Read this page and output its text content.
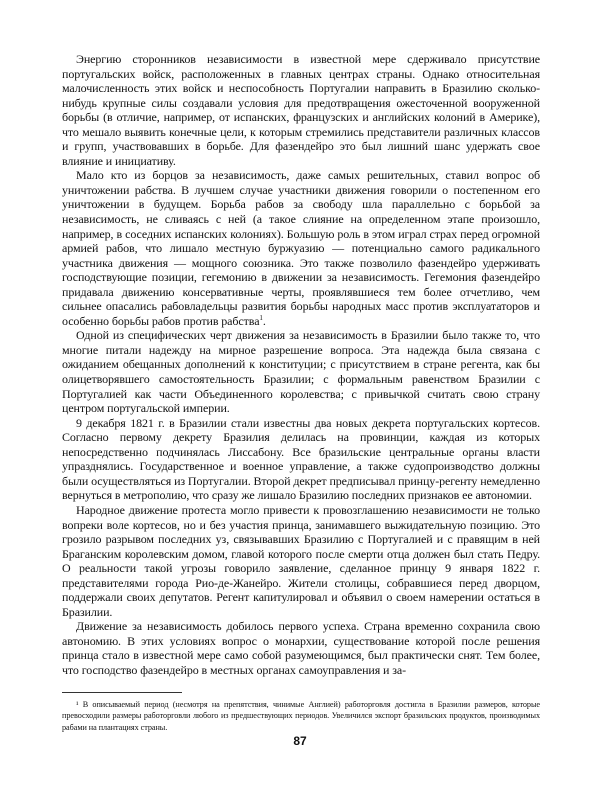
Энергию сторонников независимости в известной мере сдерживало присутствие португальских войск, расположенных в главных центрах страны. Однако относительная малочисленность этих войск и неспособность Португалии направить в Бразилию сколько-нибудь крупные силы создавали условия для предотвращения ожесточенной вооруженной борьбы (в отличие, например, от испанских, французских и английских колоний в Америке), что мешало выявить конечные цели, к которым стремились представители различных классов и групп, участвовавших в борьбе. Для фазендейро это был лишний шанс удержать свое влияние и инициативу.

Мало кто из борцов за независимость, даже самых решительных, ставил вопрос об уничтожении рабства. В лучшем случае участники движения говорили о постепенном его уничтожении в будущем. Борьба рабов за свободу шла параллельно с борьбой за независимость, не сливаясь с ней (а такое слияние на определенном этапе произошло, например, в соседних испанских колониях). Большую роль в этом играл страх перед огромной армией рабов, что лишало местную буржуазию — потенциально самого радикального участника движения — мощного союзника. Это также позволило фазендейро удерживать господствующие позиции, гегемонию в движении за независимость. Гегемония фазендейро придавала движению консервативные черты, проявлявшиеся тем более отчетливо, чем сильнее опасались рабовладельцы развития борьбы народных масс против эксплуататоров и особенно борьбы рабов против рабства$^1$.

Одной из специфических черт движения за независимость в Бразилии было также то, что многие питали надежду на мирное разрешение вопроса. Эта надежда была связана с ожиданием обещанных дополнений к конституции; с присутствием в стране регента, как бы олицетворявшего самостоятельность Бразилии; с формальным равенством Бразилии с Португалией как части Объединенного королевства; с привычкой считать свою страну центром португальской империи.

9 декабря 1821 г. в Бразилии стали известны два новых декрета португальских кортесов. Согласно первому декрету Бразилия делилась на провинции, каждая из которых непосредственно подчинялась Лиссабону. Все бразильские центральные органы власти упразднялись. Государственное и военное управление, а также судопроизводство должны были осуществляться из Португалии. Второй декрет предписывал принцу-регенту немедленно вернуться в метрополию, что сразу же лишало Бразилию последних признаков ее автономии.

Народное движение протеста могло привести к провозглашению независимости не только вопреки воле кортесов, но и без участия принца, занимавшего выжидательную позицию. Это грозило разрывом последних уз, связывавших Бразилию с Португалией и с правящим в ней Браганским королевским домом, главой которого после смерти отца должен был стать Педру. О реальности такой угрозы говорило заявление, сделанное принцу 9 января 1822 г. представителями города Рио-де-Жанейро. Жители столицы, собравшиеся перед дворцом, поддержали своих депутатов. Регент капитулировал и объявил о своем намерении остаться в Бразилии.

Движение за независимость добилось первого успеха. Страна временно сохранила свою автономию. В этих условиях вопрос о монархии, существование которой после решения принца стало в известной мере само собой разумеющимся, был практически снят. Тем более, что господство фазендейро в местных органах самоуправления и за-

¹ В описываемый период (несмотря на препятствия, чинимые Англией) работорговля достигла в Бразилии размеров, которые превосходили размеры работорговли любого из предшествующих периодов. Увеличился экспорт бразильских продуктов, производимых рабами на плантациях страны.

87
